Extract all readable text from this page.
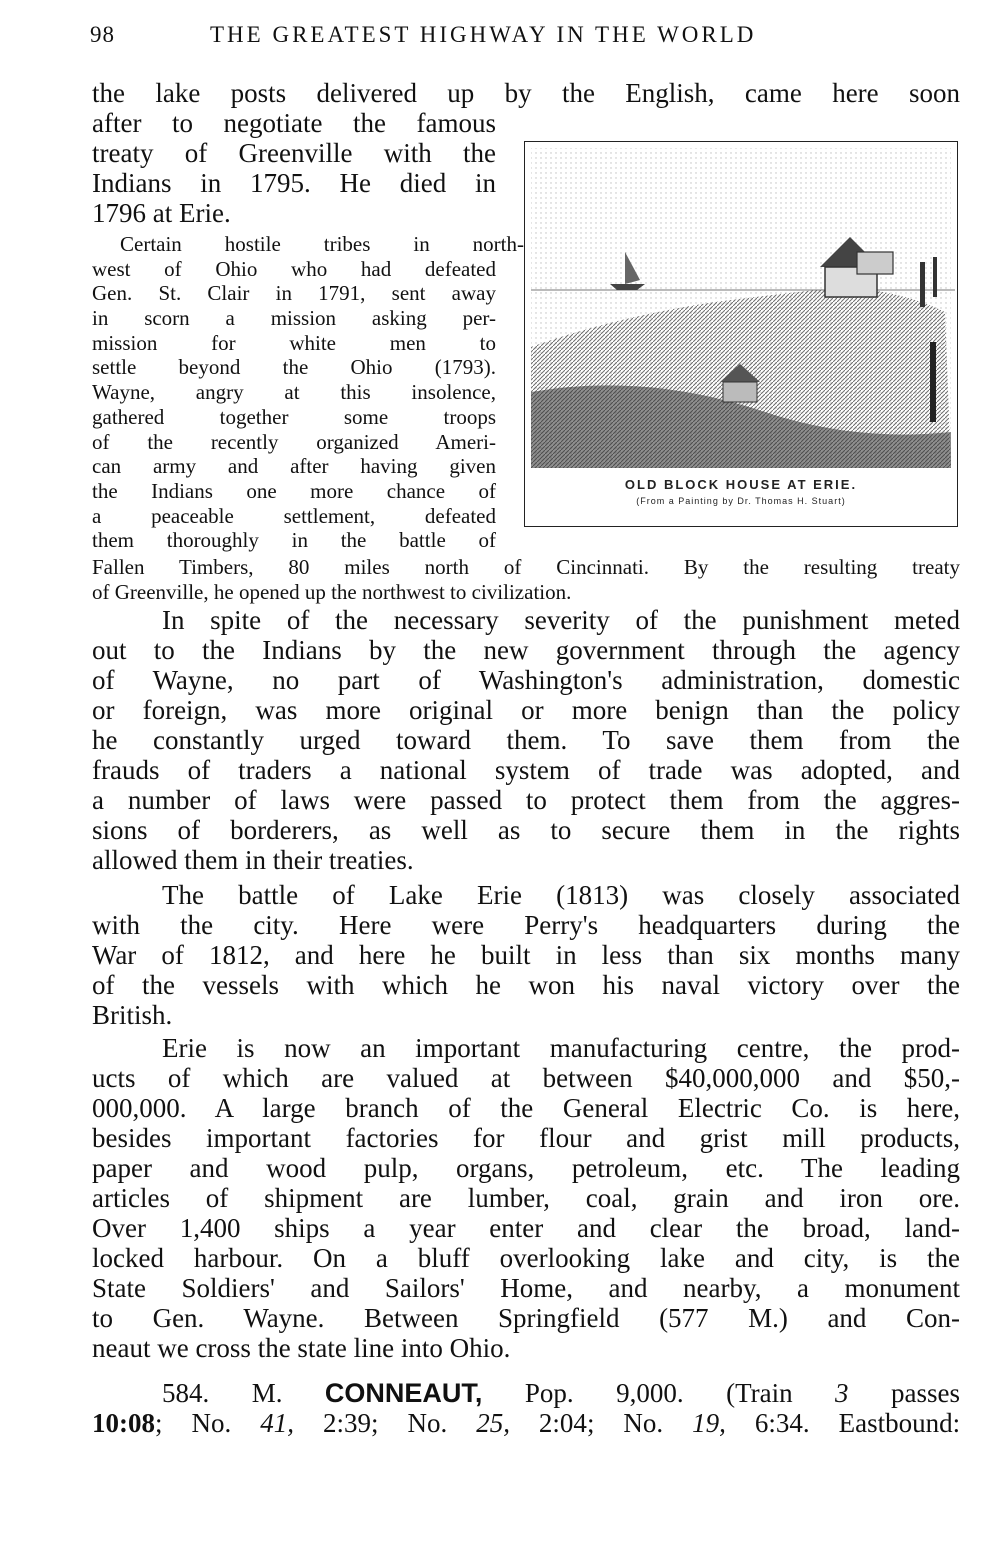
98	THE GREATEST HIGHWAY IN THE WORLD
the lake posts delivered up by the English, came here soon
after to negotiate the famous
treaty of Greenville with the
Indians in 1795. He died in
1796 at Erie.
Certain hostile tribes in north-
west of Ohio who had defeated
Gen. St. Clair in 1791, sent away
in scorn a mission asking per-
mission for white men to
settle beyond the Ohio (1793).
Wayne, angry at this insolence,
gathered together some troops
of the recently organized Ameri-
can army and after having given
the Indians one more chance of
a peaceable settlement, defeated
them thoroughly in the battle of
Fallen Timbers, 80 miles north of Cincinnati. By the resulting treaty
of Greenville, he opened up the northwest to civilization.
OLD BLOCK HOUSE AT ERIE.
(From a Painting by Dr. Thomas H. Stuart)
In spite of the necessary severity of the punishment meted
out to the Indians by the new government through the agency
of Wayne, no part of Washington's administration, domestic
or foreign, was more original or more benign than the policy
he constantly urged toward them. To save them from the
frauds of traders a national system of trade was adopted, and
a number of laws were passed to protect them from the aggres-
sions of borderers, as well as to secure them in the rights
allowed them in their treaties.
The battle of Lake Erie (1813) was closely associated
with the city. Here were Perry's headquarters during the
War of 1812, and here he built in less than six months many
of the vessels with which he won his naval victory over the
British.
Erie is now an important manufacturing centre, the prod-
ucts of which are valued at between $40,000,000 and $50,-
000,000. A large branch of the General Electric Co. is here,
besides important factories for flour and grist mill products,
paper and wood pulp, organs, petroleum, etc. The leading
articles of shipment are lumber, coal, grain and iron ore.
Over 1,400 ships a year enter and clear the broad, land-
locked harbour. On a bluff overlooking lake and city, is the
State Soldiers' and Sailors' Home, and nearby, a monument
to Gen. Wayne. Between Springfield (577 M.) and Con-
neaut we cross the state line into Ohio.
584. M. CONNEAUT, Pop. 9,000. (Train 3 passes
10:08; No. 41, 2:39; No. 25, 2:04; No. 19, 6:34. Eastbound:
